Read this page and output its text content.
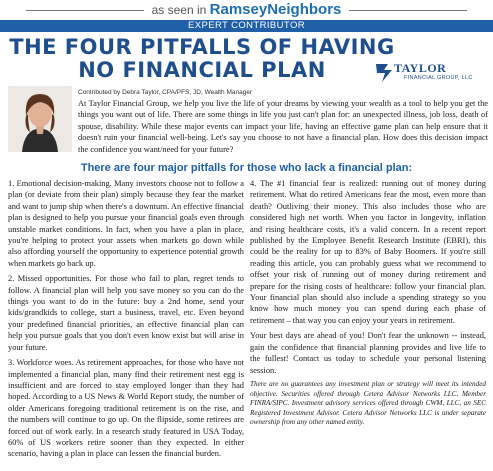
as seen in RamseyNeighbors
EXPERT CONTRIBUTOR
THE FOUR PITFALLS OF HAVING
NO FINANCIAL PLAN	TAYLOR
FINANCIAL GROUP, LLC
Contributed by Debra Taylor, CPA/PFS, JD, Wealth Manager
At Taylor Financial Group, we help you live the life of your dreams by viewing your wealth as a tool to help you get the things you want out of life. There are some things in life you just can't plan for: an unexpected illness, job loss, death of spouse, disability. While these major events can impact your life, having an effective game plan can help ensure that it doesn't ruin your financial well-being. Let's say you choose to not have a financial plan. How does this decision impact the confidence you want/need for your future?
There are four major pitfalls for those who lack a financial plan:

1. Emotional decision-making. Many investors choose not to follow a plan (or deviate from their plan) simply because they fear the market and want to jump ship when there's a downturn. An effective financial plan is designed to help you pursue your financial goals even through unstable market conditions. In fact, when you have a plan in place, you're helping to protect your assets when markets go down while also affording yourself the opportunity to experience potential growth when markets go back up.

2. Missed opportunities. For those who fail to plan, regret tends to follow. A financial plan will help you save money so you can do the things you want to do in the future: buy a 2nd home, send your kids/grandkids to college, start a business, travel, etc. Even beyond your predefined financial priorities, an effective financial plan can help you pursue goals that you don't even know exist but will arise in your future.

3. Workforce woes. As retirement approaches, for those who have not implemented a financial plan, many find their retirement nest egg is insufficient and are forced to stay employed longer than they had hoped. According to a US News & World Report study, the number of older Americans foregoing traditional retirement is on the rise, and the numbers will continue to go up. On the flipside, some retirees are forced out of work early. In a research study featured in USA Today, 60% of US workers retire sooner than they expected. In either scenario, having a plan in place can lessen the financial burden.

4. The #1 financial fear is realized: running out of money during retirement. What do retired Americans fear the most, even more than death? Outliving their money. This also includes those who are considered high net worth. When you factor in longevity, inflation and rising healthcare costs, it's a valid concern. In a recent report published by the Employee Benefit Research Institute (EBRI), this could be the reality for up to 83% of Baby Boomers. If you're still reading this article, you can probably guess what we recommend to offset your risk of running out of money during retirement and prepare for the rising costs of healthcare: follow your financial plan. Your financial plan should also include a spending strategy so you know how much money you can spend during each phase of retirement – that way you can enjoy your years in retirement.

Your best days are ahead of you! Don't fear the unknown -- instead, gain the confidence that financial planning provides and live life to the fullest! Contact us today to schedule your personal listening session.

There are no guarantees any investment plan or strategy will meet its intended objective. Securities offered through Cetera Advisor Networks LLC, Member FINRA/SIPC. Investment advisory services offered through CWM, LLC, an SEC Registered Investment Advisor. Cetera Advisor Networks LLC is under separate ownership from any other named entity.
